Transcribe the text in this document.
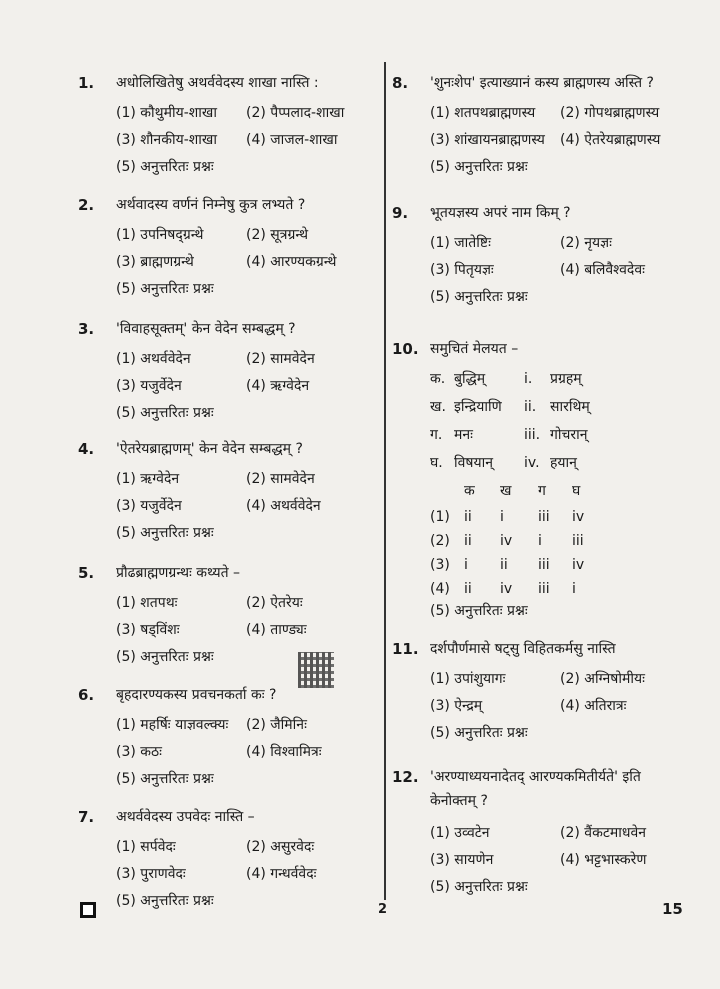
1. अधोलिखितेषु अथर्ववेदस्य शाखा नास्ति :
(1) कौथुमीय-शाखा (2) पैप्पलाद-शाखा
(3) शौनकीय-शाखा (4) जाजल-शाखा
(5) अनुत्तरितः प्रश्नः
2. अर्थवादस्य वर्णनं निम्नेषु कुत्र लभ्यते ?
(1) उपनिषद्ग्रन्थे	(2) सूत्रग्रन्थे
(3) ब्राह्मणग्रन्थे	(4) आरण्यकग्रन्थे
(5) अनुत्तरितः प्रश्नः
3. 'विवाहसूक्तम्' केन वेदेन सम्बद्धम् ?
(1) अथर्ववेदेन	(2) सामवेदेन
(3) यजुर्वेदेन	(4) ऋग्वेदेन
(5) अनुत्तरितः प्रश्नः
4. 'ऐतरेयब्राह्मणम्' केन वेदेन सम्बद्धम् ?
(1) ऋग्वेदेन	(2) सामवेदेन
(3) यजुर्वेदेन	(4) अथर्ववेदेन
(5) अनुत्तरितः प्रश्नः
5. प्रौढब्राह्मणग्रन्थः कथ्यते –
(1) शतपथः	(2) ऐतरेयः
(3) षड्विंशः	(4) ताण्ड्यः
(5) अनुत्तरितः प्रश्नः
6. बृहदारण्यकस्य प्रवचनकर्ता कः ?
(1) महर्षिः याज्ञवल्क्यः (2) जैमिनिः
(3) कठः	(4) विश्वामित्रः
(5) अनुत्तरितः प्रश्नः
7. अथर्ववेदस्य उपवेदः नास्ति –
(1) सर्पवेदः	(2) असुरवेदः
(3) पुराणवेदः	(4) गन्धर्ववेदः
(5) अनुत्तरितः प्रश्नः
8. 'शुनःशेप' इत्याख्यानं कस्य ब्राह्मणस्य अस्ति ?
(1) शतपथब्राह्मणस्य (2) गोपथब्राह्मणस्य
(3) शांखायनब्राह्मणस्य (4) ऐतरेयब्राह्मणस्य
(5) अनुत्तरितः प्रश्नः
9. भूतयज्ञस्य अपरं नाम किम् ?
(1) जातेष्टिः	(2) नृयज्ञः
(3) पितृयज्ञः	(4) बलिवैश्वदेवः
(5) अनुत्तरितः प्रश्नः
10. समुचितं मेलयत –
क. बुद्धिम्	i. प्रग्रहम्
ख. इन्द्रियाणि ii. सारथिम्
ग. मनः	iii. गोचरान्
घ. विषयान् iv. हयान्
क ख ग घ
(1) ii i iii iv
(2) ii iv i iii
(3) i ii iii iv
(4) ii iv iii i
(5) अनुत्तरितः प्रश्नः
11. दर्शपौर्णमासे षट्सु विहितकर्मसु नास्ति
(1) उपांशुयागः	(2) अग्निषोमीयः
(3) ऐन्द्रम्	(4) अतिरात्रः
(5) अनुत्तरितः प्रश्नः
12. 'अरण्याध्ययनादेतद् आरण्यकमितीर्यते' इति
केनोक्तम् ?
(1) उव्वटेन	(2) वैंकटमाधवेन
(3) सायणेन	(4) भट्टभास्करेण
(5) अनुत्तरितः प्रश्नः
2	15
